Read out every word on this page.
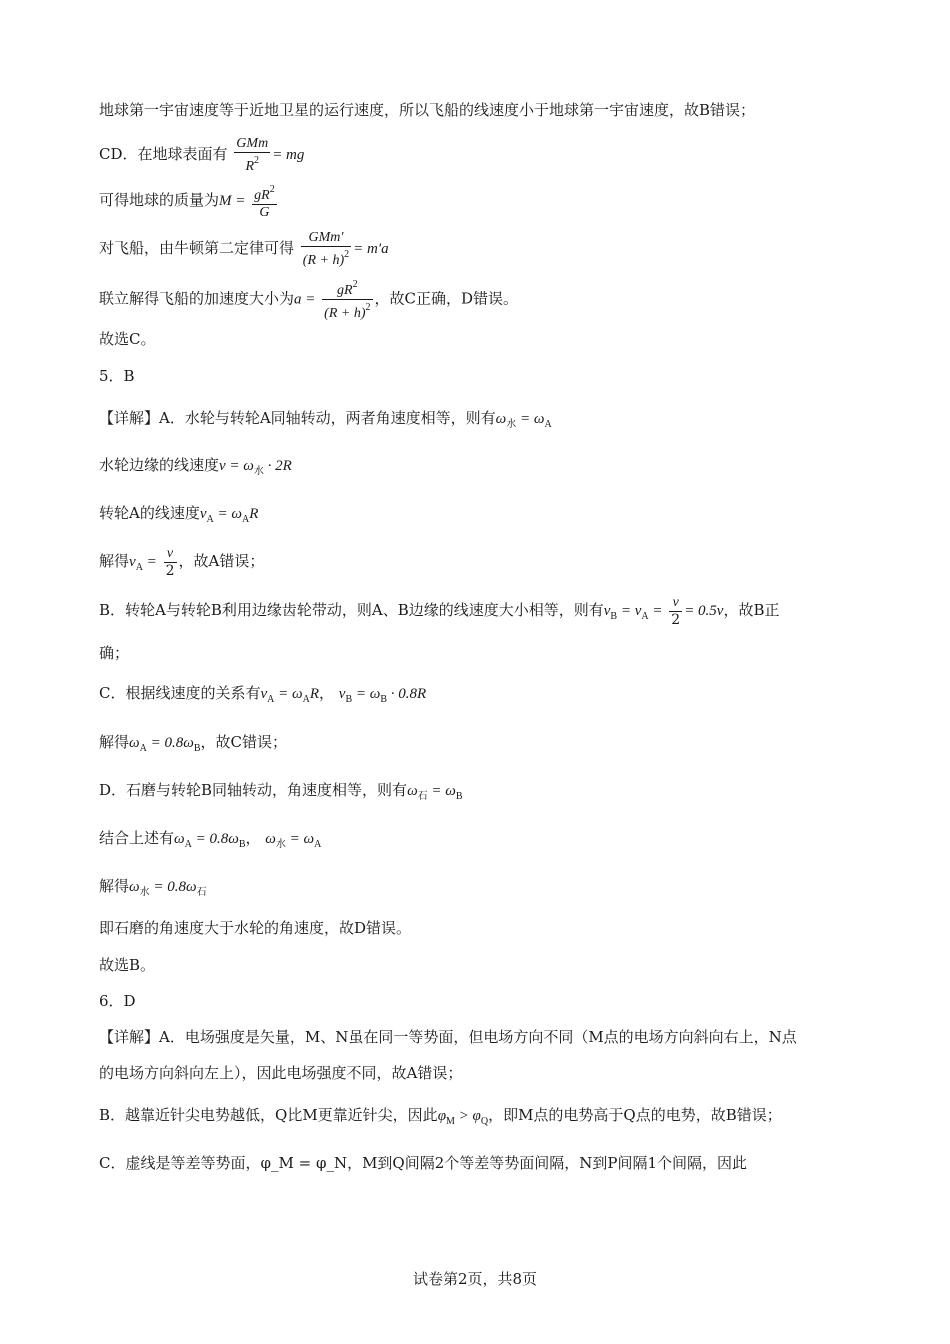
地球第一宇宙速度等于近地卫星的运行速度，所以飞船的线速度小于地球第一宇宙速度，故B错误；
CD．在地球表面有 $\frac{\text{GMm}}{R^2}$ = mg
可得地球的质量为$M = \frac{gR^2}{G}$
对飞船，由牛顿第二定律可得 $\frac{\text{GMm′}}{(R + h)^2} = m'a$
联立解得飞船的加速度大小为$a = \frac{gR^2}{(R + h)^2}$ ，故C正确，D错误。
故选C。
5．B
【详解】A．水轮与转轮A同轴转动，两者角速度相等，则有$\omega_水 = \omega_A$
水轮边缘的线速度$v = \omega_水 \cdot 2R$
转轮A的线速度$v_A = \omega_AR$
解得$v_A = \frac{v}{2}$ ，故A错误；
B．转轮A与转轮B利用边缘齿轮带动，则A、B边缘的线速度大小相等，则有$v_B = v_A = \frac{v}{2} = 0.5v$，故B正
确；
C．根据线速度的关系有$v_A = \omega_AR$， $v_B = \omega_B \cdot 0.8R$
解得$\omega_A = 0.8\omega_B$，故C错误；
D．石磨与转轮B同轴转动，角速度相等，则有$\omega_石 = \omega_B$
结合上述有$\omega_A = 0.8\omega_B$， $\omega_水 = \omega_A$
解得$\omega_水 = 0.8\omega_石$
即石磨的角速度大于水轮的角速度，故D错误。
故选B。
6．D
【详解】A．电场强度是矢量，M、N虽在同一等势面，但电场方向不同（M点的电场方向斜向右上，N点
的电场方向斜向左上），因此电场强度不同，故A错误；
B．越靠近针尖电势越低，Q比M更靠近针尖，因此$\varphi_M > \varphi_Q$，即M点的电势高于Q点的电势，故B错误；
C．虚线是等差等势面，φ_M = φ_N，M到Q间隔2个等差等势面间隔，N到P间隔1个间隔，因此
试卷第2页，共8页
